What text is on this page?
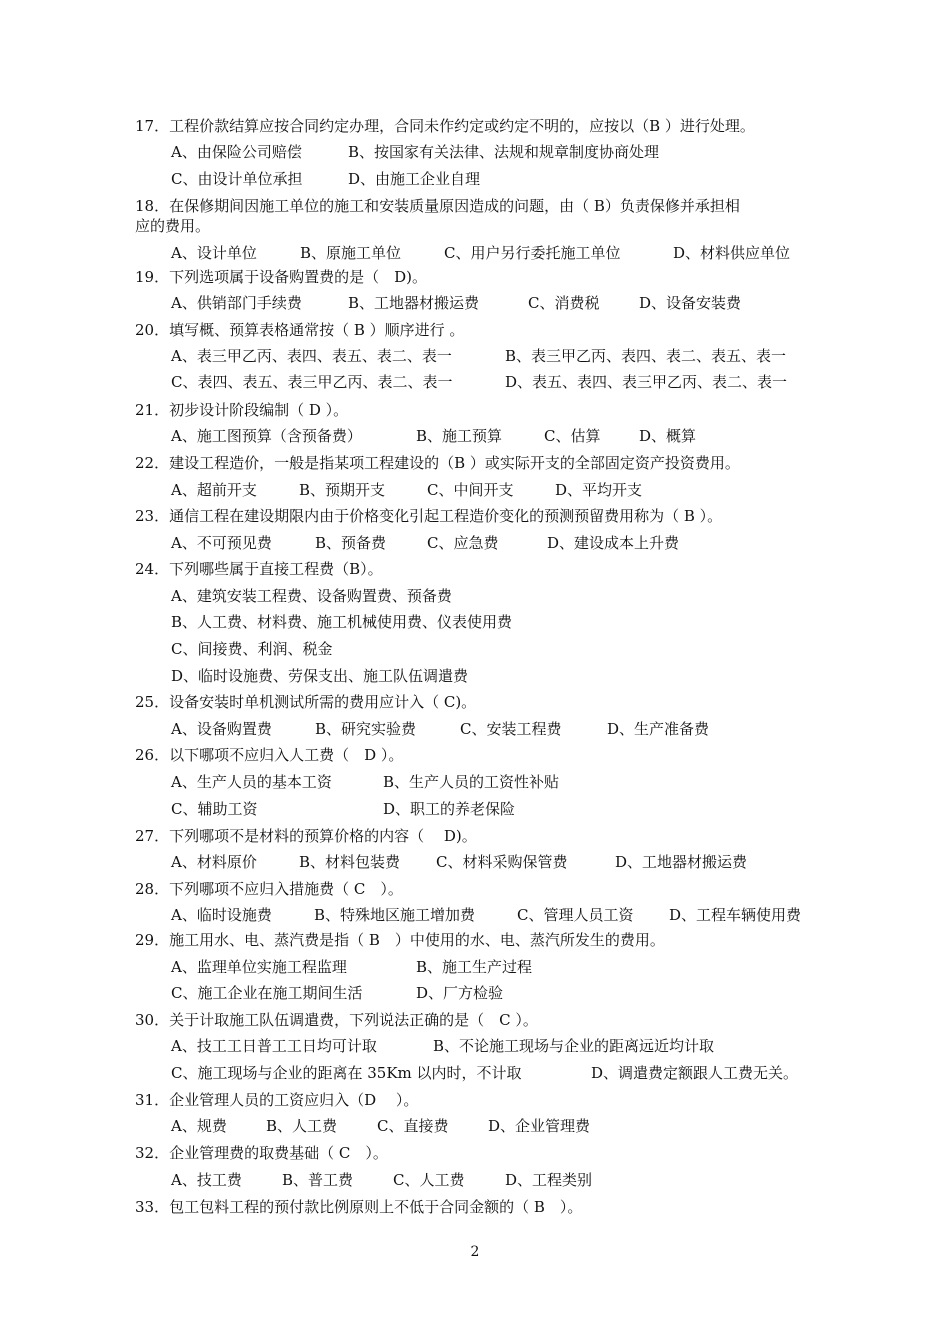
17．工程价款结算应按合同约定办理，合同未作约定或约定不明的，应按以（B ）进行处理。
A、由保险公司赔偿	B、按国家有关法律、法规和规章制度协商处理
C、由设计单位承担	D、由施工企业自理
18．在保修期间因施工单位的施工和安装质量原因造成的问题，由（ B）负责保修并承担相
应的费用。
A、设计单位	B、原施工单位	C、用户另行委托施工单位	D、材料供应单位
19．下列选项属于设备购置费的是（　D)。
A、供销部门手续费	B、工地器材搬运费	C、消费税	D、设备安装费
20．填写概、预算表格通常按（ B ）顺序进行 。
A、表三甲乙丙、表四、表五、表二、表一	B、表三甲乙丙、表四、表二、表五、表一
C、表四、表五、表三甲乙丙、表二、表一	D、表五、表四、表三甲乙丙、表二、表一
21．初步设计阶段编制（ D ）。
A、施工图预算（含预备费）	B、施工预算	C、估算	D、概算
22．建设工程造价，一般是指某项工程建设的（B ）或实际开支的全部固定资产投资费用。
A、超前开支	B、预期开支	C、中间开支	D、平均开支
23．通信工程在建设期限内由于价格变化引起工程造价变化的预测预留费用称为（ B ）。
A、不可预见费	B、预备费	C、应急费	D、建设成本上升费
24．下列哪些属于直接工程费（B）。
A、建筑安装工程费、设备购置费、预备费
B、人工费、材料费、施工机械使用费、仪表使用费
C、间接费、利润、税金
D、临时设施费、劳保支出、施工队伍调遣费
25．设备安装时单机测试所需的费用应计入（ C)。
A、设备购置费	B、研究实验费	C、安装工程费	D、生产准备费
26．以下哪项不应归入人工费（　D ）。
A、生产人员的基本工资	B、生产人员的工资性补贴
C、辅助工资	D、职工的养老保险
27．下列哪项不是材料的预算价格的内容（　 D)。
A、材料原价	B、材料包装费 C、材料采购保管费	D、工地器材搬运费
28．下列哪项不应归入措施费（ C　）。
A、临时设施费	B、特殊地区施工增加费	C、管理人员工资 D、工程车辆使用费
29．施工用水、电、蒸汽费是指（ B　）中使用的水、电、蒸汽所发生的费用。
A、监理单位实施工程监理	B、施工生产过程
C、施工企业在施工期间生活	D、厂方检验
30．关于计取施工队伍调遣费，下列说法正确的是（　C ）。
A、技工工日普工工日均可计取	B、不论施工现场与企业的距离远近均计取
C、施工现场与企业的距离在 35Km 以内时，不计取	D、调遣费定额跟人工费无关。
31．企业管理人员的工资应归入（D　 ）。
A、规费	B、人工费	C、直接费	D、企业管理费
32．企业管理费的取费基础（ C　）。
A、技工费	B、普工费	C、人工费	D、工程类别
33．包工包料工程的预付款比例原则上不低于合同金额的（ B　）。
2
